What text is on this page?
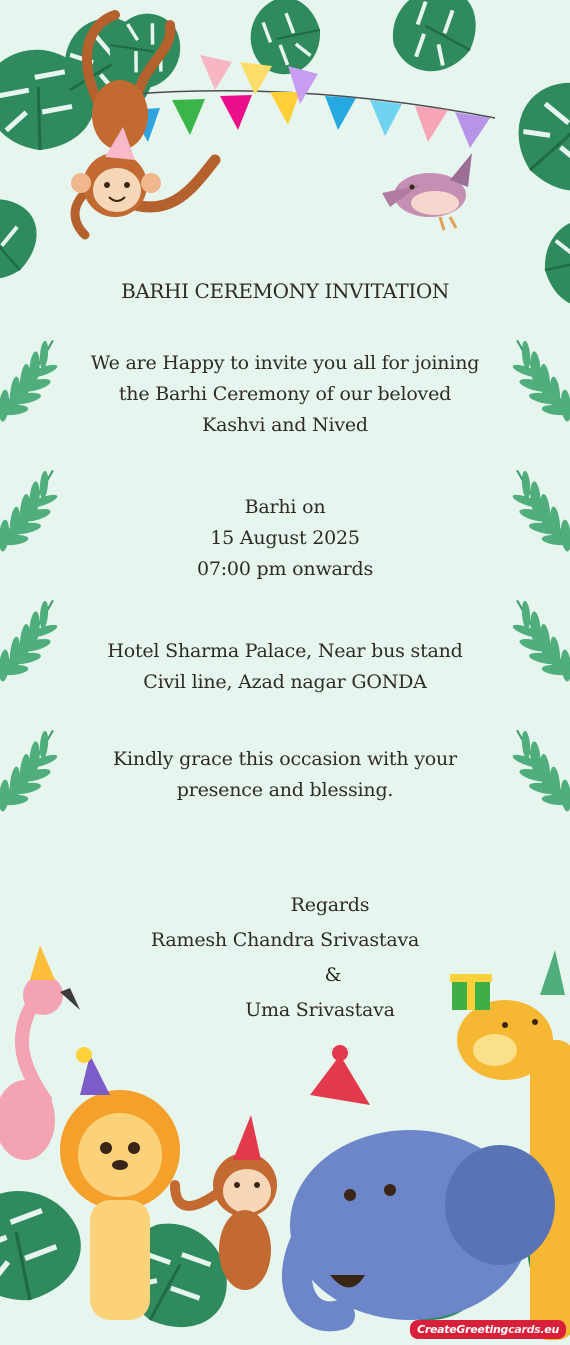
BARHI CEREMONY INVITATION
We are Happy to invite you all for joining
the Barhi Ceremony of our beloved
Kashvi and Nived
Barhi on
15 August 2025
07:00 pm onwards
Hotel Sharma Palace, Near bus stand
Civil line, Azad nagar GONDA
Kindly grace this occasion with your
presence and blessing.
Regards
Ramesh Chandra Srivastava
&
Uma Srivastava
CreateGreetingcards.eu
